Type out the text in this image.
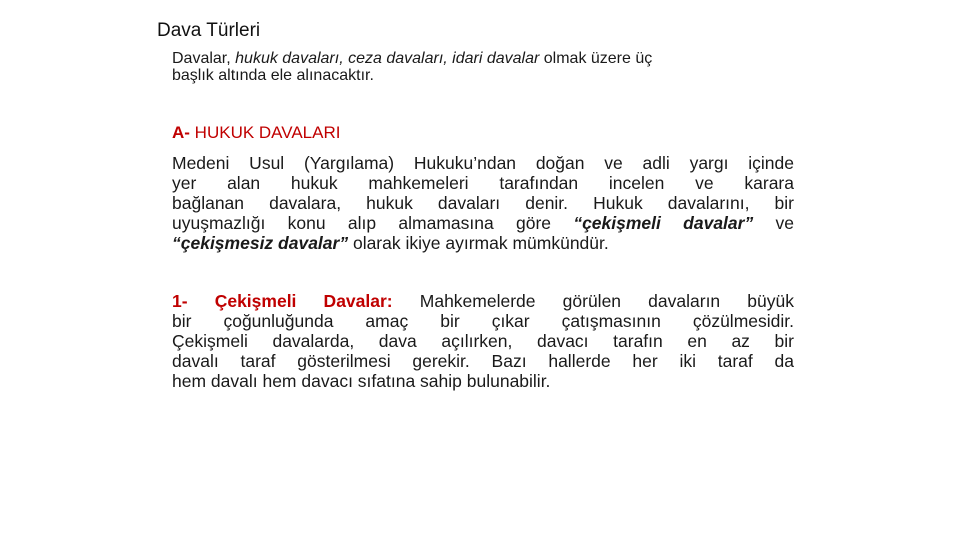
Dava Türleri
Davalar, hukuk davaları, ceza davaları, idari davalar olmak üzere üç
başlık altında ele alınacaktır.
A- HUKUK DAVALARI
Medeni Usul (Yargılama) Hukuku’ndan doğan ve adli yargı içinde
yer alan hukuk mahkemeleri tarafından incelen ve karara
bağlanan davalara, hukuk davaları denir. Hukuk davalarını, bir
uyuşmazlığı konu alıp almamasına göre “çekişmeli davalar” ve
“çekişmesiz davalar” olarak ikiye ayırmak mümkündür.
1- Çekişmeli Davalar: Mahkemelerde görülen davaların büyük
bir çoğunluğunda amaç bir çıkar çatışmasının çözülmesidir.
Çekişmeli davalarda, dava açılırken, davacı tarafın en az bir
davalı taraf gösterilmesi gerekir. Bazı hallerde her iki taraf da
hem davalı hem davacı sıfatına sahip bulunabilir.
